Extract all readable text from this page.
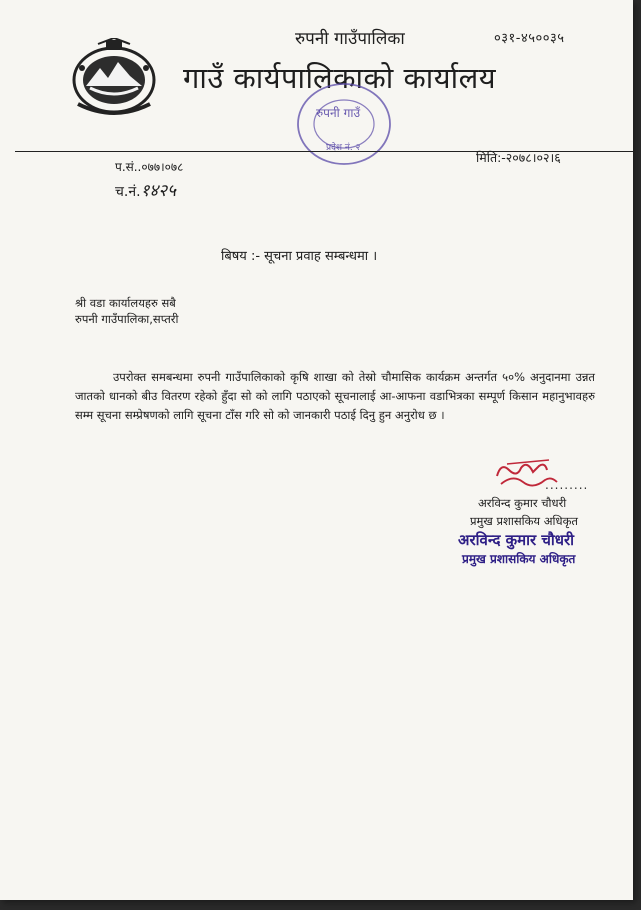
रुपनी गाउँपालिका	०३१-४५००३५
गाउँ कार्यपालिकाको कार्यालय
रुपनी गाउँ
प्रदेश नं. २
प.सं..०७७।०७८
च.नं.१४२५
मिति:-२०७८।०२।६
बिषय :- सूचना प्रवाह सम्बन्धमा ।
श्री वडा कार्यालयहरु सबै
रुपनी गाउँपालिका,सप्तरी
उपरोक्त समबन्धमा रुपनी गाउँपालिकाको कृषि शाखा को तेस्रो चौमासिक कार्यक्रम अन्तर्गत ५०% अनुदानमा उन्नत जातको धानको बीउ वितरण रहेको हुँदा सो को लागि पठाएको सूचनालाई आ-आफना वडाभित्रका सम्पूर्ण किसान महानुभावहरु सम्म सूचना सम्प्रेषणको लागि सूचना टाँस गरि सो को जानकारी पठाई दिनु हुन अनुरोध छ ।
.........
अरविन्द कुमार चौधरी
प्रमुख प्रशासकिय अधिकृत
अरविन्द कुमार चौधरी
प्रमुख प्रशासकिय अधिकृत
